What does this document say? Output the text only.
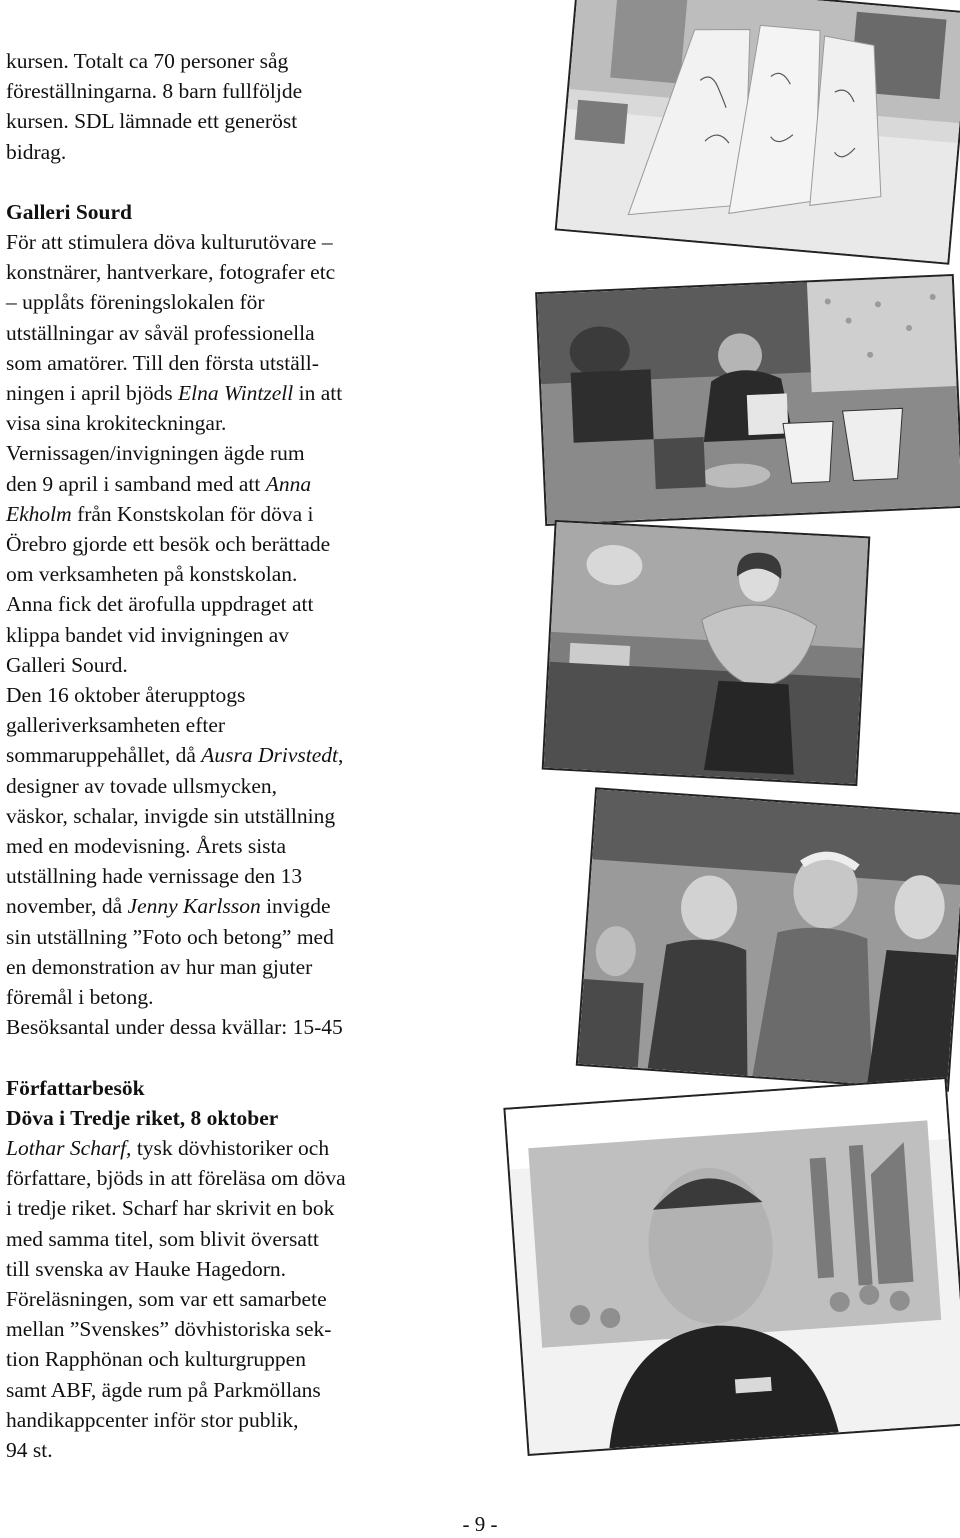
kursen. Totalt ca 70 personer såg
föreställningarna. 8 barn fullföljde
kursen. SDL lämnade ett generöst
bidrag.
Galleri Sourd
För att stimulera döva kulturutövare –
konstnärer, hantverkare, fotografer etc
– upplåts föreningslokalen för
utställningar av såväl professionella
som amatörer. Till den första utställ-
ningen i april bjöds Elna Wintzell in att
visa sina krokiteckningar.
Vernissagen/invigningen ägde rum
den 9 april i samband med att Anna
Ekholm från Konstskolan för döva i
Örebro gjorde ett besök och berättade
om verksamheten på konstskolan.
Anna fick det ärofulla uppdraget att
klippa bandet vid invigningen av
Galleri Sourd.
Den 16 oktober återupptogs
galleriverksamheten efter
sommaruppehållet, då Ausra Drivstedt,
designer av tovade ullsmycken,
väskor, schalar, invigde sin utställning
med en modevisning. Årets sista
utställning hade vernissage den 13
november, då Jenny Karlsson invigde
sin utställning ”Foto och betong” med
en demonstration av hur man gjuter
föremål i betong.
Besöksantal under dessa kvällar: 15-45
Författarbesök
Döva i Tredje riket, 8 oktober
Lothar Scharf, tysk dövhistoriker och
författare, bjöds in att föreläsa om döva
i tredje riket. Scharf har skrivit en bok
med samma titel, som blivit översatt
till svenska av Hauke Hagedorn.
Föreläsningen, som var ett samarbete
mellan ”Svenskes” dövhistoriska sek-
tion Rapphönan och kulturgruppen
samt ABF, ägde rum på Parkmöllans
handikappcenter inför stor publik,
94 st.
- 9 -
